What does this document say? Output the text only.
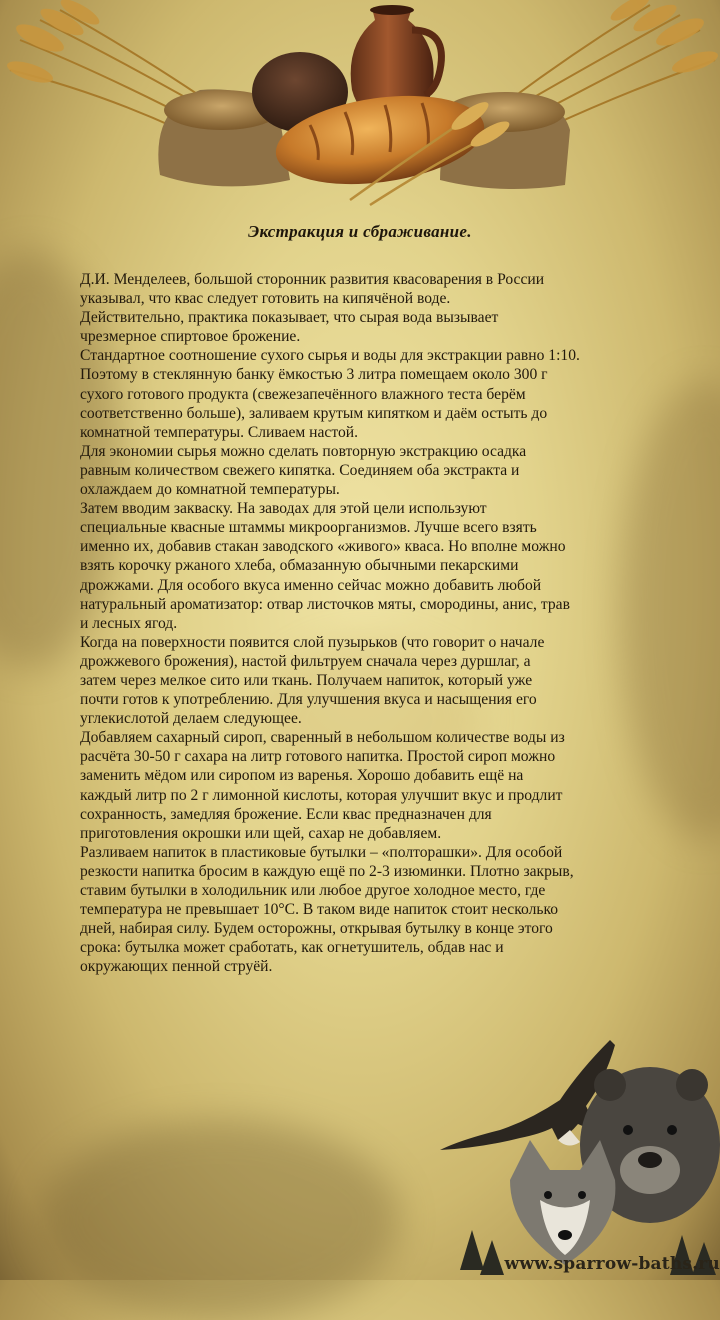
Экстракция и сбраживание.

Д.И. Менделеев, большой сторонник развития квасоварения в России

указывал, что квас следует готовить на кипячёной воде.

Действительно, практика показывает, что сырая вода вызывает

чрезмерное спиртовое брожение.

Стандартное соотношение сухого сырья и воды для экстракции равно 1:10.

Поэтому в стеклянную банку ёмкостью 3 литра помещаем около 300 г

сухого готового продукта (свежезапечённого влажного теста берём

соответственно больше), заливаем крутым кипятком и даём остыть до

комнатной температуры. Сливаем настой.

Для экономии сырья можно сделать повторную экстракцию осадка

равным количеством свежего кипятка. Соединяем оба экстракта и

охлаждаем до комнатной температуры.

Затем вводим закваску. На заводах для этой цели используют

специальные квасные штаммы микроорганизмов. Лучше всего взять

именно их, добавив стакан заводского «живого» кваса. Но вполне можно

взять корочку ржаного хлеба, обмазанную обычными пекарскими

дрожжами. Для особого вкуса именно сейчас можно добавить любой

натуральный ароматизатор: отвар листочков мяты, смородины, анис, трав

и лесных ягод.

Когда на поверхности появится слой пузырьков (что говорит о начале

дрожжевого брожения), настой фильтруем сначала через дуршлаг, а

затем через мелкое сито или ткань. Получаем напиток, который уже

почти готов к употреблению. Для улучшения вкуса и насыщения его

углекислотой делаем следующее.

Добавляем сахарный сироп, сваренный в небольшом количестве воды из

расчёта 30-50 г сахара на литр готового напитка. Простой сироп можно

заменить мёдом или сиропом из варенья. Хорошо добавить ещё на

каждый литр по 2 г лимонной кислоты, которая улучшит вкус и продлит

сохранность, замедляя брожение. Если квас предназначен для

приготовления окрошки или щей, сахар не добавляем.

Разливаем напиток в пластиковые бутылки – «полторашки». Для особой

резкости напитка бросим в каждую ещё по 2-3 изюминки. Плотно закрыв,

ставим бутылки в холодильник или любое другое холодное место, где

температура не превышает 10°С. В таком виде напиток стоит несколько

дней, набирая силу. Будем осторожны, открывая бутылку в конце этого

срока: бутылка может сработать, как огнетушитель, обдав нас и

окружающих пенной струёй.

www.sparrow-baths.ru
